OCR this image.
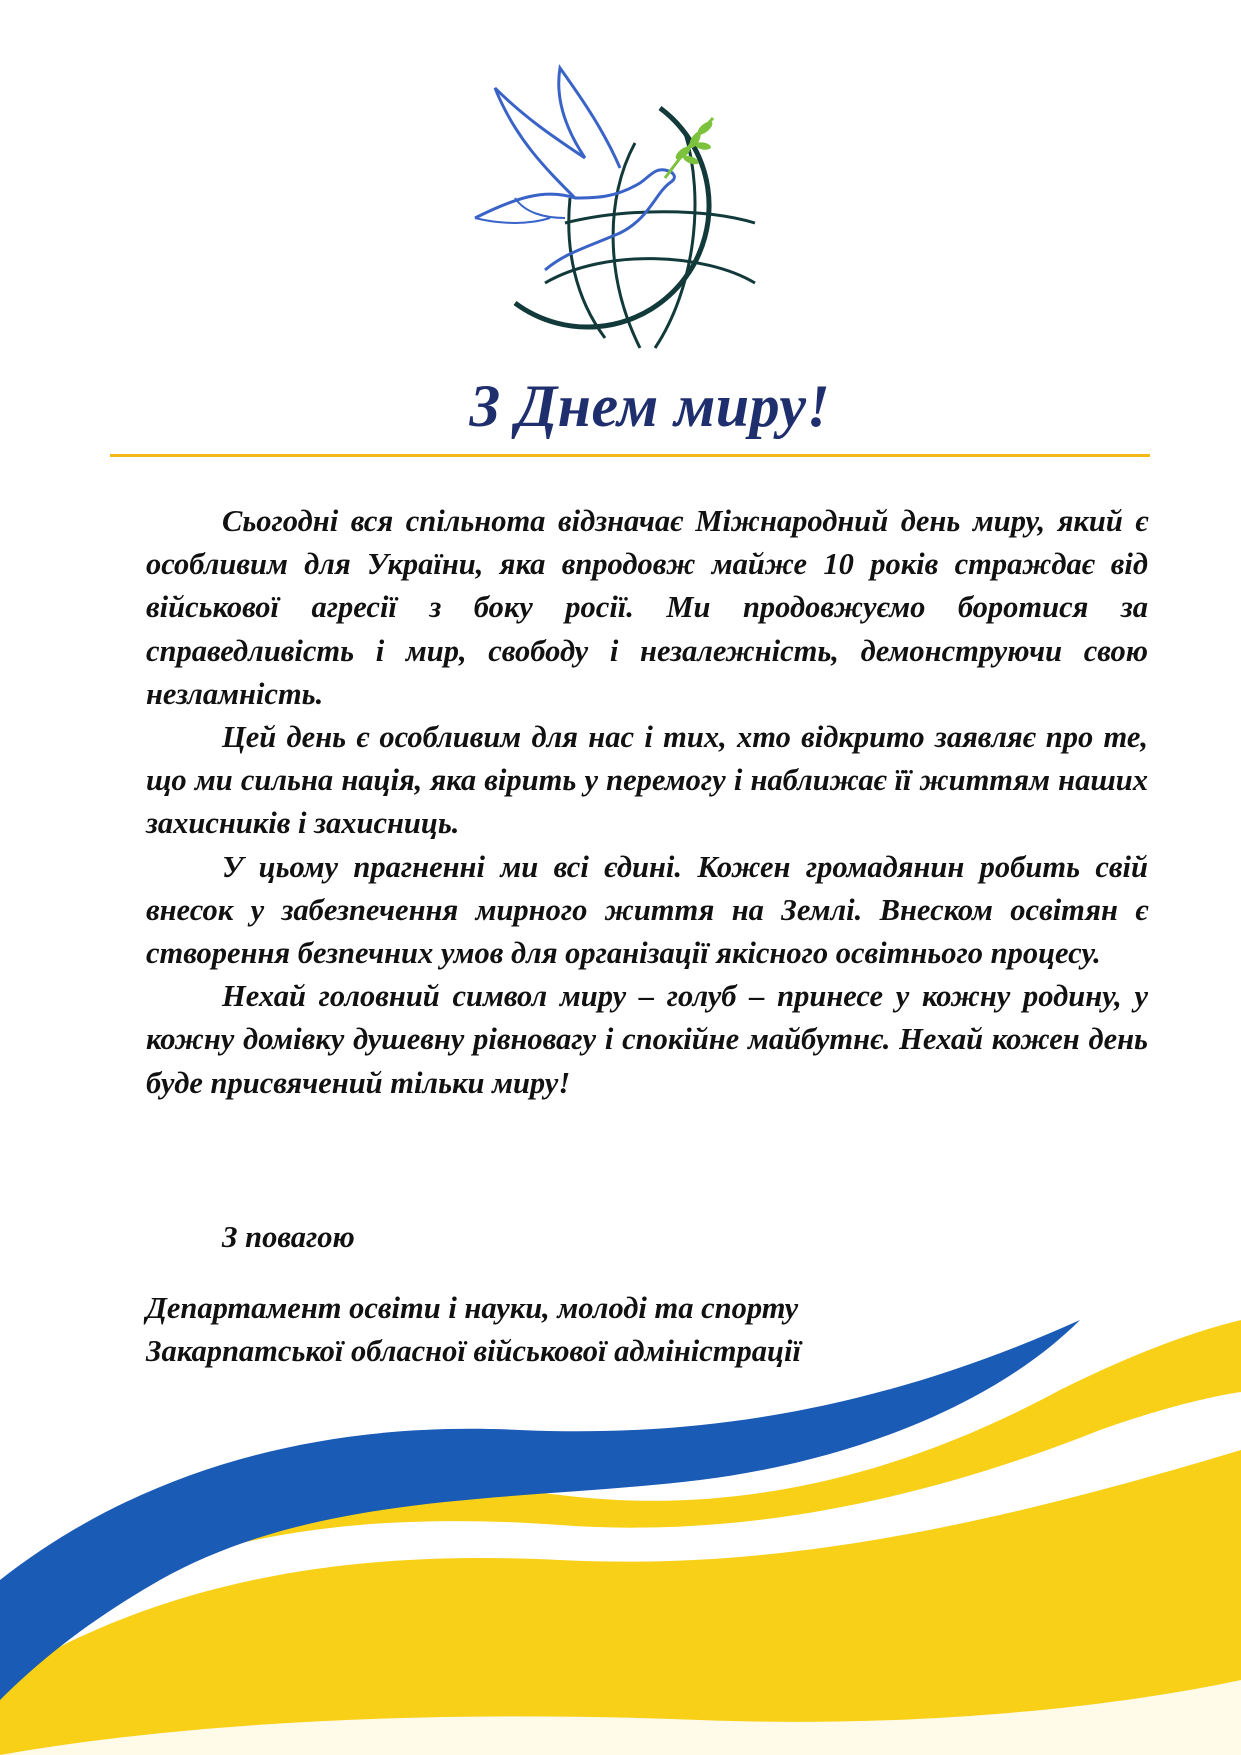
З Днем миру!

Сьогодні вся спільнота відзначає Міжнародний день миру, який є особливим для України, яка впродовж майже 10 років страждає від військової агресії з боку росії. Ми продовжуємо боротися за справедливість і мир, свободу і незалежність, демонструючи свою незламність.

Цей день є особливим для нас і тих, хто відкрито заявляє про те, що ми сильна нація, яка вірить у перемогу і наближає її життям наших захисників і захисниць.

У цьому прагненні ми всі єдині. Кожен громадянин робить свій внесок у забезпечення мирного життя на Землі. Внеском освітян є створення безпечних умов для організації якісного освітнього процесу.

Нехай головний символ миру – голуб – принесе у кожну родину, у кожну домівку душевну рівновагу і спокійне майбутнє. Нехай кожен день буде присвячений тільки миру!

З повагою
Департамент освіти і науки, молоді та спорту
Закарпатської обласної військової адміністрації
